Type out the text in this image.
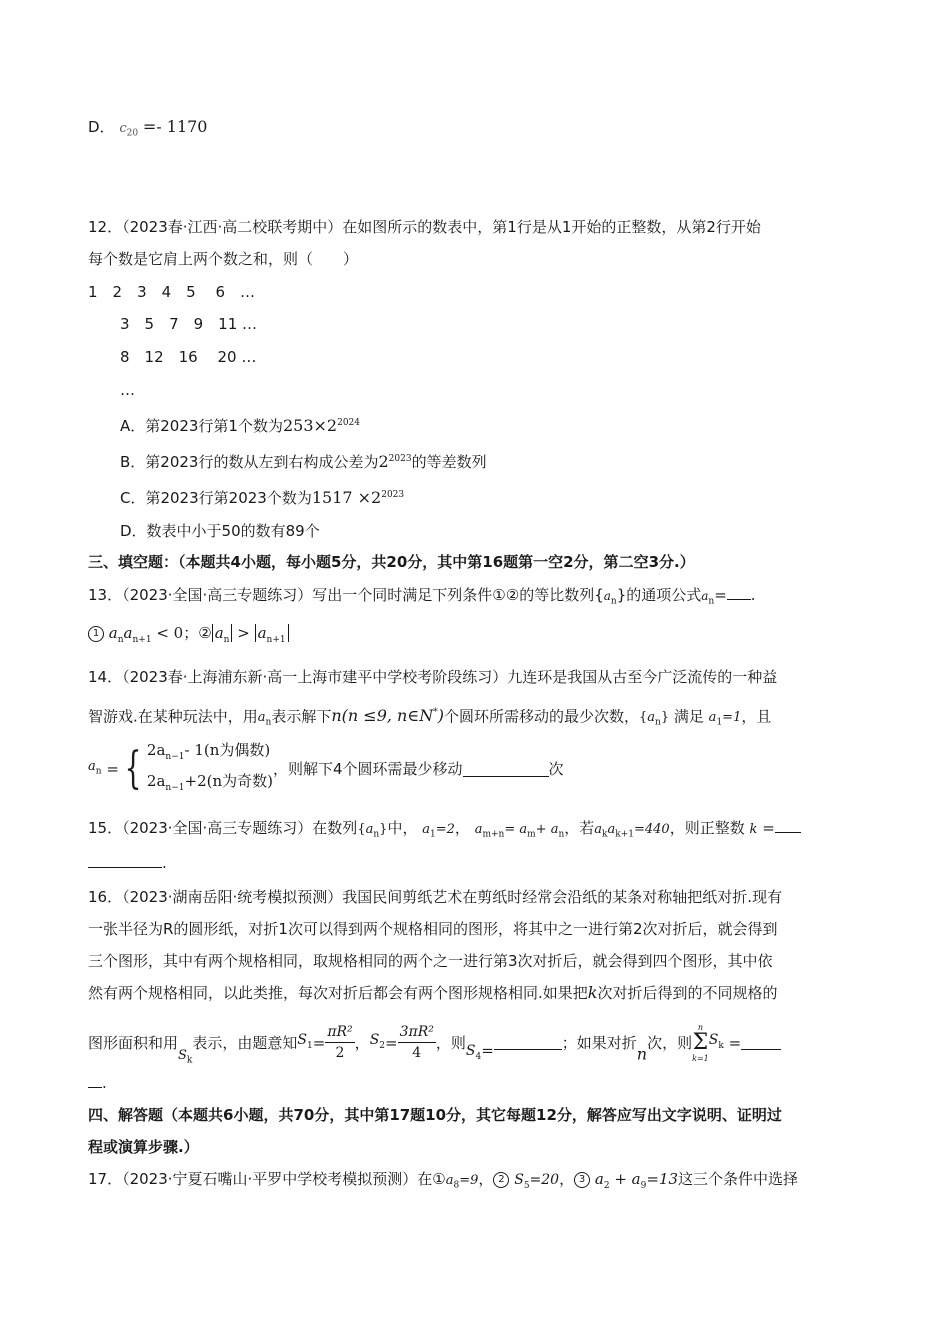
D． $c_{20} =- 1170$
12．（2023春·江西·高二校联考期中）在如图所示的数表中，第1行是从1开始的正整数，从第2行开始
每个数是它肩上两个数之和，则（　　）
1　2　3　4　5　 6　…
3　5　7　9　11 …
8　12　16　 20 …
…
A．第2023行第1个数为$253\times 2^{2024}$
B．第2023行的数从左到右构成公差为$2^{2023}$的等差数列
C．第2023行第2023个数为$1517 \times 2^{2023}$
D．数表中小于50的数有89个
三、填空题：（本题共4小题，每小题5分，共20分，其中第16题第一空2分，第二空3分.）
13．（2023·全国·高三专题练习）写出一个同时满足下列条件①②的等比数列$\{a_n\}$的通项公式$a_n=$ .
1 $a_na_{n+1} < 0$；② $a_n > a_{n+1}$
14．（2023春·上海浦东新·高一上海市建平中学校考阶段练习）九连环是我国从古至今广泛流传的一种益
智游戏.在某种玩法中，用$a_n$表示解下n(n ≤9, n∈N*)个圆环所需移动的最少次数，$\{a_n\}$ 满足 $a_1=1$，且
$a_n$ = { $2a_{n-1}-$ 1(n为偶数)
$2a_{n-1}+2(n$为奇数)
，则解下4个圆环需最少移动	次
15．（2023·全国·高三专题练习）在数列$\{a_n\}$中， $a_1=2$， $a_{m+n}= a_m+ a_n$，若$a_ka_{k+1}=440$，则正整数 k =
.
16．（2023·湖南岳阳·统考模拟预测）我国民间剪纸艺术在剪纸时经常会沿纸的某条对称轴把纸对折.现有
一张半径为R的圆形纸，对折1次可以得到两个规格相同的图形，将其中之一进行第2次对折后，就会得到
三个图形，其中有两个规格相同，取规格相同的两个之一进行第3次对折后，就会得到四个图形，其中依
然有两个规格相同，以此类推，每次对折后都会有两个图形规格相同.如果把k次对折后得到的不同规格的
图形面积和用$S_k$表示，由题意知$S_1= \frac{\text{πR²}}{2}$ ，$S_2= \frac{\text{3πR²}}{4}$ ，则$S_4=$	；如果对折n次，则
n
Σ
k=1
$S_k$ =
.
四、解答题（本题共6小题，共70分，其中第17题10分，其它每题12分，解答应写出文字说明、证明过
程或演算步骤.）
17．（2023·宁夏石嘴山·平罗中学校考模拟预测）在$①a_8=9$， 2 $S_5=20$， 3 $a_2 + a_9=13$这三个条件中选择
